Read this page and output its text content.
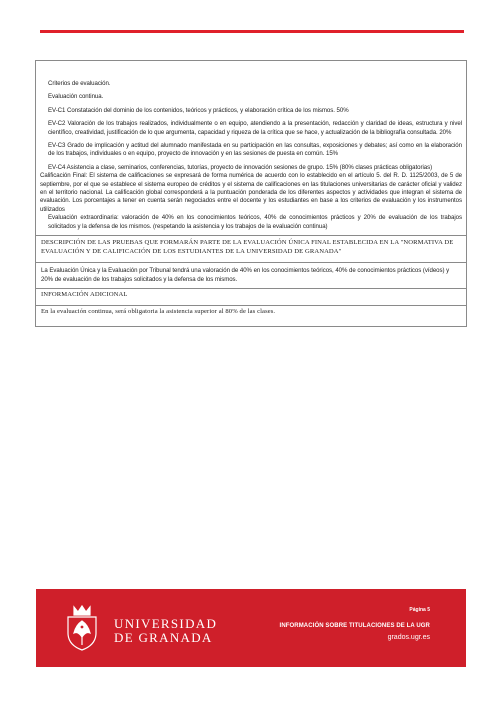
Criterios de evaluación.

Evaluación continua.

EV-C1 Constatación del dominio de los contenidos, teóricos y prácticos, y elaboración crítica de los mismos. 50%

EV-C2 Valoración de los trabajos realizados, individualmente o en equipo, atendiendo a la presentación, redacción y claridad de ideas, estructura y nivel científico, creatividad, justificación de lo que argumenta, capacidad y riqueza de la crítica que se hace, y actualización de la bibliografía consultada. 20%

EV-C3 Grado de implicación y actitud del alumnado manifestada en su participación en las consultas, exposiciones y debates; así como en la elaboración de los trabajos, individuales o en equipo, proyecto de innovación y en las sesiones de puesta en común. 15%

EV-C4 Asistencia a clase, seminarios, conferencias, tutorías, proyecto de innovación sesiones de grupo. 15% (80% clases prácticas obligatorias)

Calificación Final: El sistema de calificaciones se expresará de forma numérica de acuerdo con lo establecido en el artículo 5. del R. D. 1125/2003, de 5 de septiembre, por el que se establece el sistema europeo de créditos y el sistema de calificaciones en las titulaciones universitarias de carácter oficial y validez en el territorio nacional. La calificación global corresponderá a la puntuación ponderada de los diferentes aspectos y actividades que integran el sistema de evaluación. Los porcentajes a tener en cuenta serán negociados entre el docente y los estudiantes en base a los criterios de evaluación y los instrumentos utilizados

Evaluación extraordinaria: valoración de 40% en los conocimientos teóricos, 40% de conocimientos prácticos y 20% de evaluación de los trabajos solicitados y la defensa de los mismos. (respetando la asistencia y los trabajos de la evaluación continua)

DESCRIPCIÓN DE LAS PRUEBAS QUE FORMARÁN PARTE DE LA EVALUACIÓN ÚNICA FINAL ESTABLECIDA EN LA "NORMATIVA DE EVALUACIÓN Y DE CALIFICACIÓN DE LOS ESTUDIANTES DE LA UNIVERSIDAD DE GRANADA"

La Evaluación Única y la Evaluación por Tribunal tendrá una valoración de 40% en los conocimientos teóricos, 40% de conocimientos prácticos (vídeos) y 20% de evaluación de los trabajos solicitados y la defensa de los mismos.

INFORMACIÓN ADICIONAL

En la evaluación continua, será obligatoria la asistencia superior al 80% de las clases.

UNIVERSIDAD
DE GRANADA
Página 5
INFORMACIÓN SOBRE TITULACIONES DE LA UGR
grados.ugr.es
